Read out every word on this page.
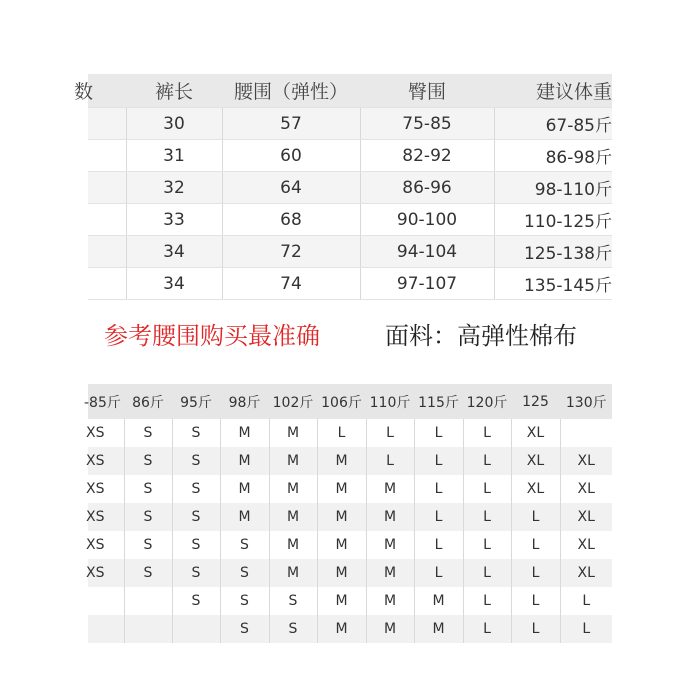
数	裤长	腰围（弹性）	臀围	建议体重
	30	57	75-85	67-85斤
	31	60	82-92	86-98斤
	32	64	86-96	98-110斤
	33	68	90-100	110-125斤
	34	72	94-104	125-138斤
	34	74	97-107	135-145斤
参考腰围购买最准确	面料：高弹性棉布
-85斤	86斤	95斤	98斤	102斤	106斤	110斤	115斤	120斤	125	130斤
XS	S	S	M	M	L	L	L	L	XL	
XS	S	S	M	M	M	L	L	L	XL	XL
XS	S	S	M	M	M	M	L	L	XL	XL
XS	S	S	M	M	M	M	L	L	L	XL
XS	S	S	S	M	M	M	L	L	L	XL
XS	S	S	S	M	M	M	L	L	L	XL
		S	S	S	M	M	M	L	L	L
			S	S	M	M	M	L	L	L
